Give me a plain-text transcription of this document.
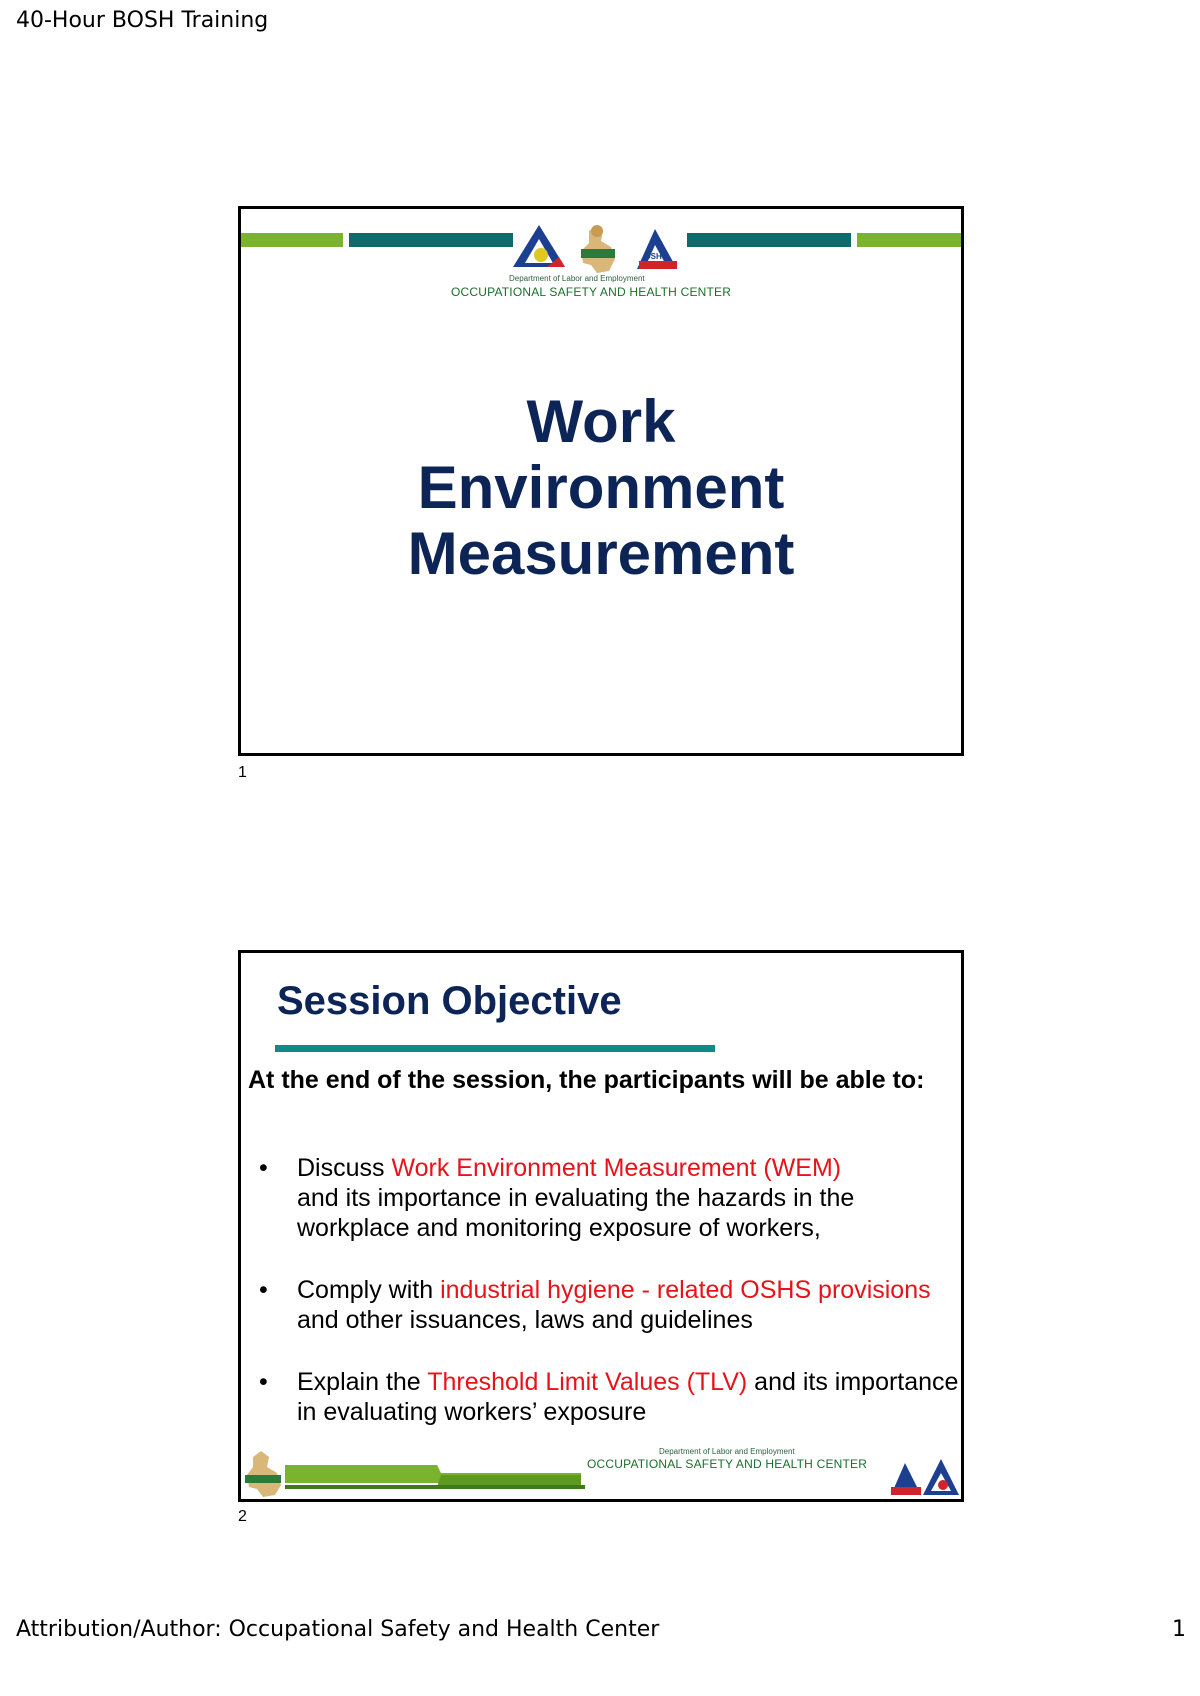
40-Hour BOSH Training
OSHC
Department of Labor and Employment
OCCUPATIONAL SAFETY AND HEALTH CENTER
Work
Environment
Measurement
1
Session Objective
At the end of the session, the participants will be able to:
• Discuss Work Environment Measurement (WEM)
and its importance in evaluating the hazards in the workplace and monitoring exposure of workers,
• Comply with industrial hygiene - related OSHS provisions and other issuances, laws and guidelines
• Explain the Threshold Limit Values (TLV) and its importance in evaluating workers’ exposure
Department of Labor and Employment
OCCUPATIONAL SAFETY AND HEALTH CENTER
2
Attribution/Author: Occupational Safety and Health Center	1
